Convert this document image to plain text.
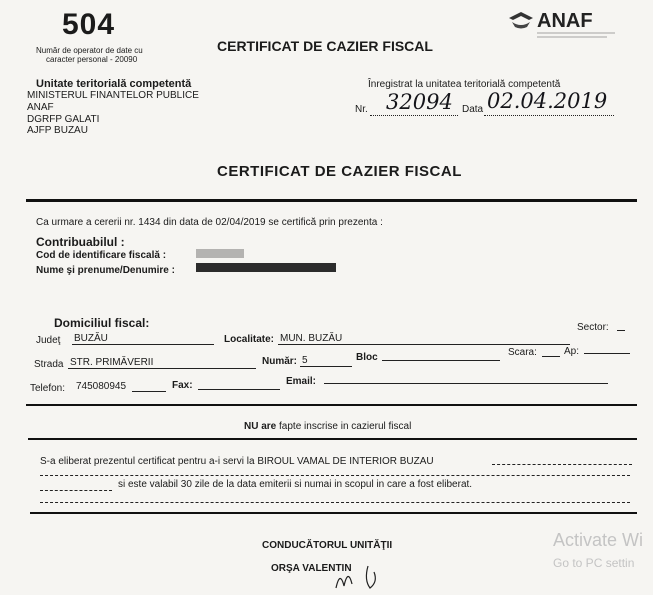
504
Număr de operator de date cu
caracter personal - 20090
CERTIFICAT DE CAZIER FISCAL
ANAF
Unitate teritorială competentă
MINISTERUL FINANTELOR PUBLICE
ANAF
DGRFP GALATI
AJFP BUZAU
Înregistrat la unitatea teritorială competentă
Nr. 32094 Data 02.04.2019
CERTIFICAT DE CAZIER FISCAL
Ca urmare a cererii nr. 1434 din data de 02/04/2019 se certifică prin prezenta :
Contribuabilul :
Cod de identificare fiscală :
Nume şi prenume/Denumire :
Domiciliul fiscal:
Judeţ BUZĂU	Localitate: MUN. BUZĂU
Sector:
Strada STR. PRIMĂVERII	Număr: 5	Bloc	Scara:	Ap:
Telefon: 745080945	Fax:	Email:
NU are fapte inscrise in cazierul fiscal
S-a eliberat prezentul certificat pentru a-i servi la BIROUL VAMAL DE INTERIOR BUZAU
si este valabil 30 zile de la data emiterii si numai in scopul in care a fost eliberat.
CONDUCĂTORUL UNITĂŢII
ORŞA VALENTIN
Activate Wi
Go to PC settin
